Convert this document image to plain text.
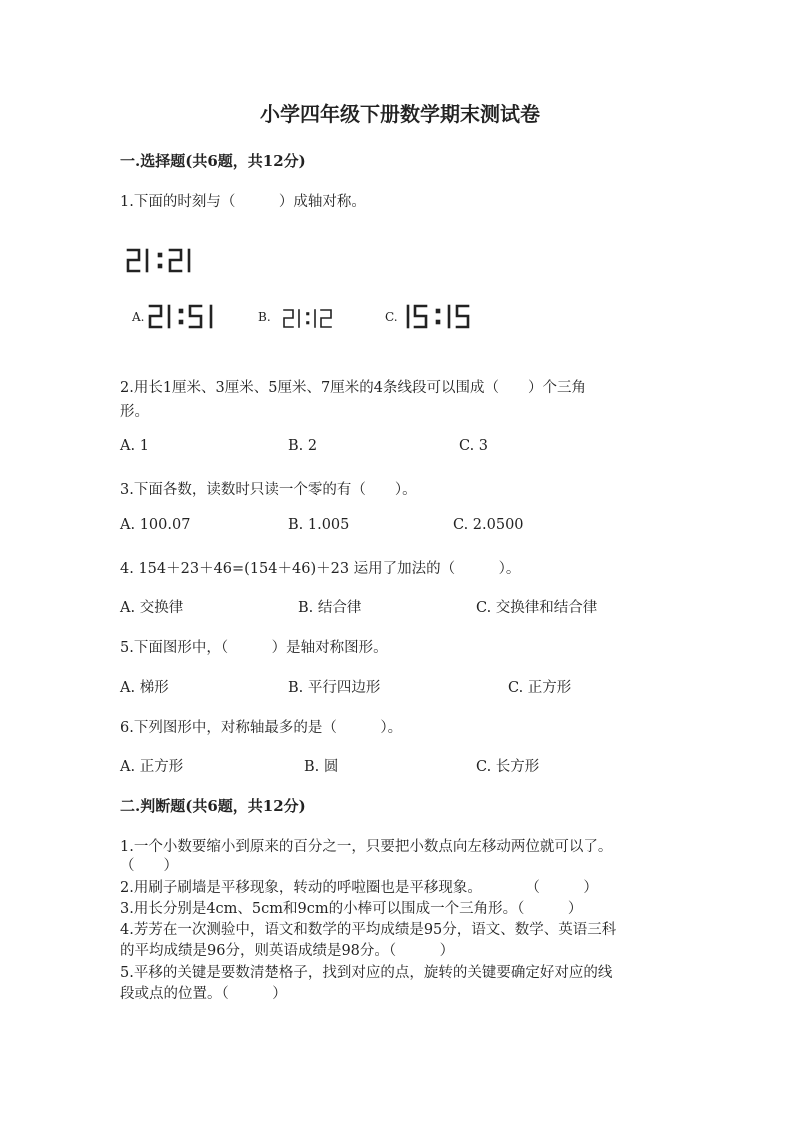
小学四年级下册数学期末测试卷
一.选择题(共6题，共12分)
1.下面的时刻与（　　　）成轴对称。
A.	B.	C.
2.用长1厘米、3厘米、5厘米、7厘米的4条线段可以围成（　　）个三角
形。
A. 1	B. 2	C. 3
3.下面各数，读数时只读一个零的有（　　）。
A. 100.07	B. 1.005	C. 2.0500
4. 154＋23＋46=(154＋46)＋23 运用了加法的（　　　）。
A. 交换律	B. 结合律	C. 交换律和结合律
5.下面图形中，（　　　）是轴对称图形。
A. 梯形	B. 平行四边形	C. 正方形
6.下列图形中，对称轴最多的是（　　　）。
A. 正方形	B. 圆	C. 长方形
二.判断题(共6题，共12分)
1.一个小数要缩小到原来的百分之一，只要把小数点向左移动两位就可以了。
（　　）
2.用刷子刷墙是平移现象，转动的呼啦圈也是平移现象。　　　　（　　　）
3.用长分别是4cm、5cm和9cm的小棒可以围成一个三角形。（　　　）
4.芳芳在一次测验中，语文和数学的平均成绩是95分，语文、数学、英语三科
的平均成绩是96分，则英语成绩是98分。（　　　）
5.平移的关键是要数清楚格子，找到对应的点，旋转的关键要确定好对应的线
段或点的位置。（　　　）
